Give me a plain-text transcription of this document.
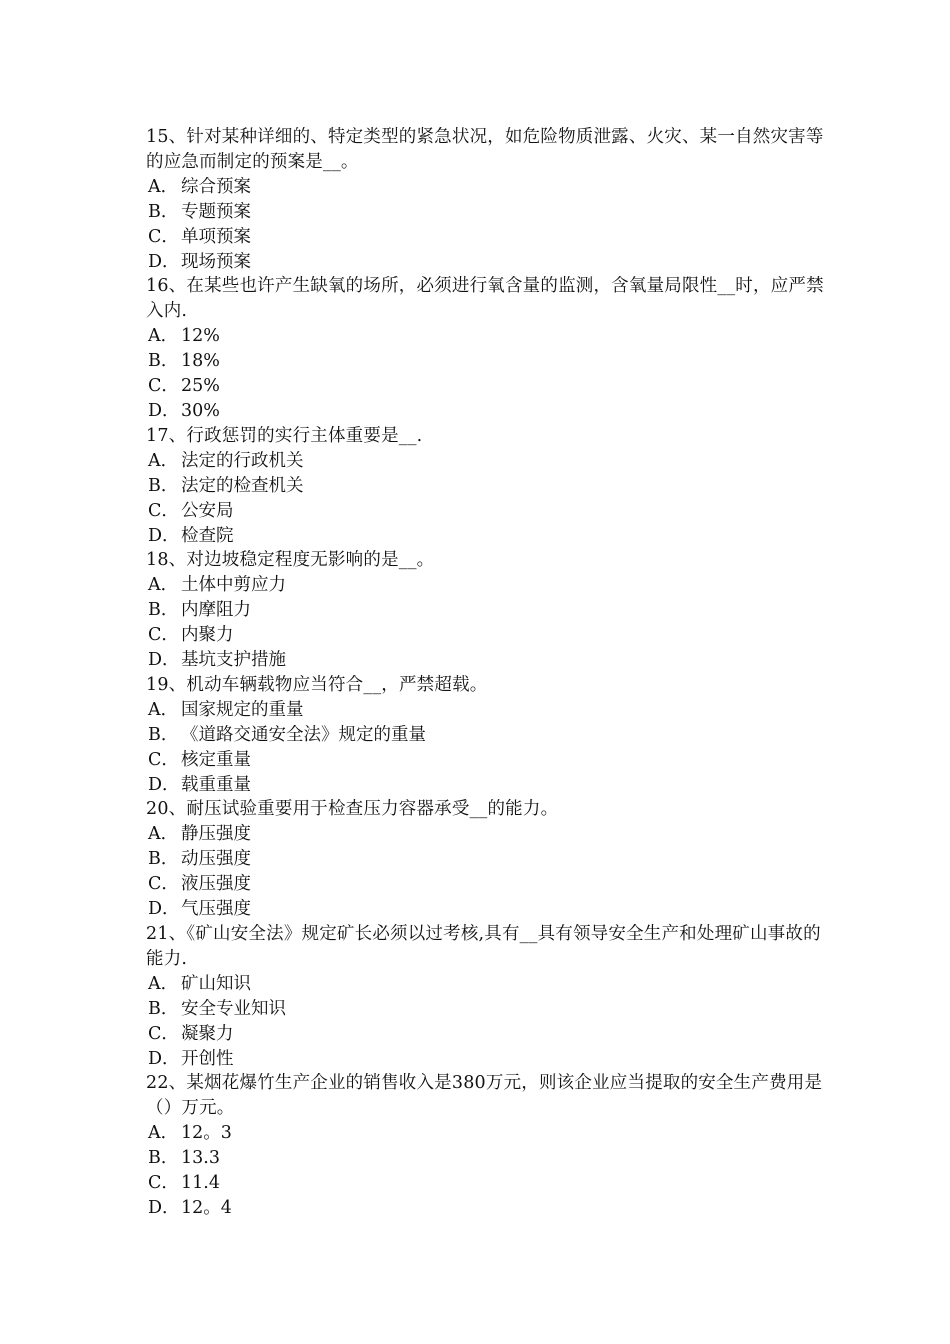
15、针对某种详细的、特定类型的紧急状况，如危险物质泄露、火灾、某一自然灾害等的应急而制定的预案是__。

A． 综合预案
B． 专题预案
C． 单项预案
D． 现场预案

16、在某些也许产生缺氧的场所，必须进行氧含量的监测，含氧量局限性__时，应严禁入内.

A． 12%
B． 18%
C． 25%
D． 30%

17、行政惩罚的实行主体重要是__.

A． 法定的行政机关
B． 法定的检查机关
C． 公安局
D． 检查院

18、对边坡稳定程度无影响的是__。

A． 土体中剪应力
B． 内摩阻力
C． 内聚力
D． 基坑支护措施

19、机动车辆载物应当符合__，严禁超载。

A． 国家规定的重量
B． 《道路交通安全法》规定的重量
C． 核定重量
D． 载重重量

20、耐压试验重要用于检查压力容器承受__的能力。

A． 静压强度
B． 动压强度
C． 液压强度
D． 气压强度

21、《矿山安全法》规定矿长必须以过考核,具有__具有领导安全生产和处理矿山事故的能力.

A． 矿山知识
B． 安全专业知识
C． 凝聚力
D． 开创性

22、某烟花爆竹生产企业的销售收入是380万元，则该企业应当提取的安全生产费用是（）万元。

A． 12。3
B． 13.3
C． 11.4
D． 12。4
